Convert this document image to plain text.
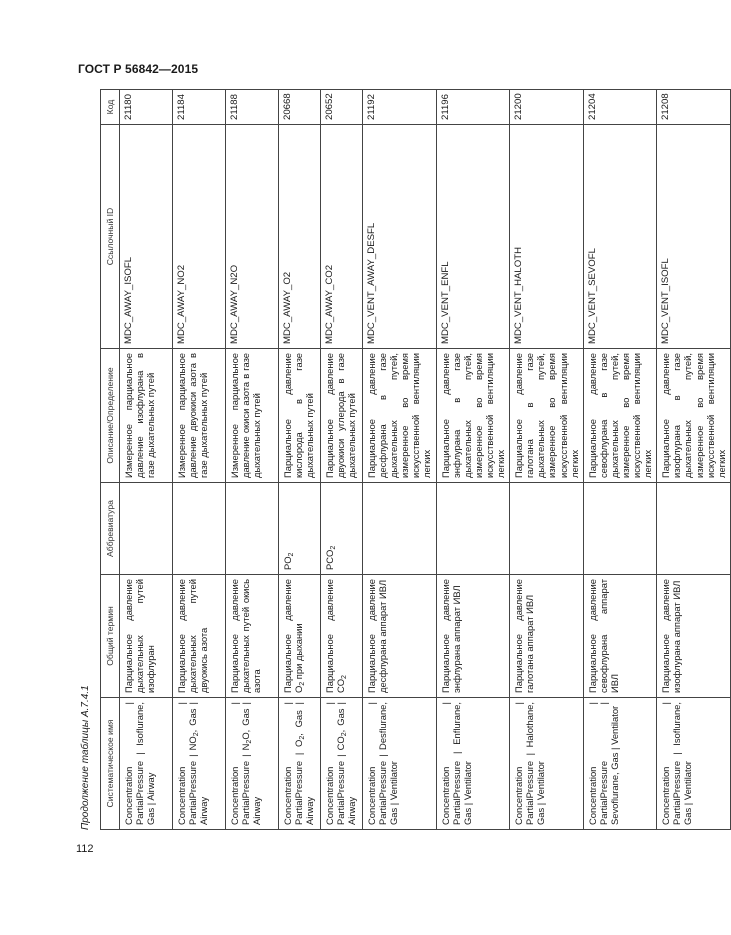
ГОСТ Р 56842—2015
Продолжение таблицы А.7.4.1 Систематическое имя	Общий термин	Аббревиатура	Описание/Определение	Ссылочный ID	Код
Concentration | PartialPressure | Isoflurane, Gas | Airway	Парциальное давление дыхательных путей изофлуран		Измеренное парциальное давление изофлурана в газе дыхательных путей	MDC_AWAY_ISOFL	21180
Concentration | PartialPressure | $NO_2$, Gas | Airway	Парциальное давление дыхательных путей двуокись азота		Измеренное парциальное давление двуокиси азота в газе дыхательных путей	MDC_AWAY_NO2	21184
Concentration | PartialPressure | $N_2O$, Gas | Airway	Парциальное давление дыхательных путей окись азота		Измеренное парциальное давление окиси азота в газе дыхательных путей	MDC_AWAY_N2O	21188
Concentration | PartialPressure | $O_2$, Gas | Airway	Парциальное давление $O_2$ при дыхании	$PO_2$	Парциальное давление кислорода в газе дыхательных путей	MDC_AWAY_O2	20668
Concentration | PartialPressure | $CO_2$, Gas | Airway	Парциальное давление $CO_2$	$PCO_2$	Парциальное давление двуокиси углерода в газе дыхательных путей	MDC_AWAY_CO2	20652
Concentration | PartialPressure | Desflurane, Gas | Ventilator	Парциальное давление десфлурана аппарат ИВЛ		Парциальное давление десфлурана в газе дыхательных путей, измеренное во время искусственной вентиляции легких	MDC_VENT_AWAY_DESFL	21192
Concentration | PartialPressure | Enflurane, Gas | Ventilator	Парциальное давление энфлурана аппарат ИВЛ		Парциальное давление энфлурана в газе дыхательных путей, измеренное во время искусственной вентиляции легких	MDC_VENT_ENFL	21196
Concentration | PartialPressure | Halothane, Gas | Ventilator	Парциальное давление галотана аппарат ИВЛ		Парциальное давление галотана в газе дыхательных путей, измеренное во время искусственной вентиляции легких	MDC_VENT_HALOTH	21200
Concentration | PartialPressure | Sevoflurane, Gas | Ventilator	Парциальное давление севофлурана аппарат ИВЛ		Парциальное давление севофлурана в газе дыхательных путей, измеренное во время искусственной вентиляции легких	MDC_VENT_SEVOFL	21204
Concentration | PartialPressure | Isoflurane, Gas | Ventilator	Парциальное давление изофлурана аппарат ИВЛ		Парциальное давление изофлурана в газе дыхательных путей, измеренное во время искусственной вентиляции легких	MDC_VENT_ISOFL	21208
112
